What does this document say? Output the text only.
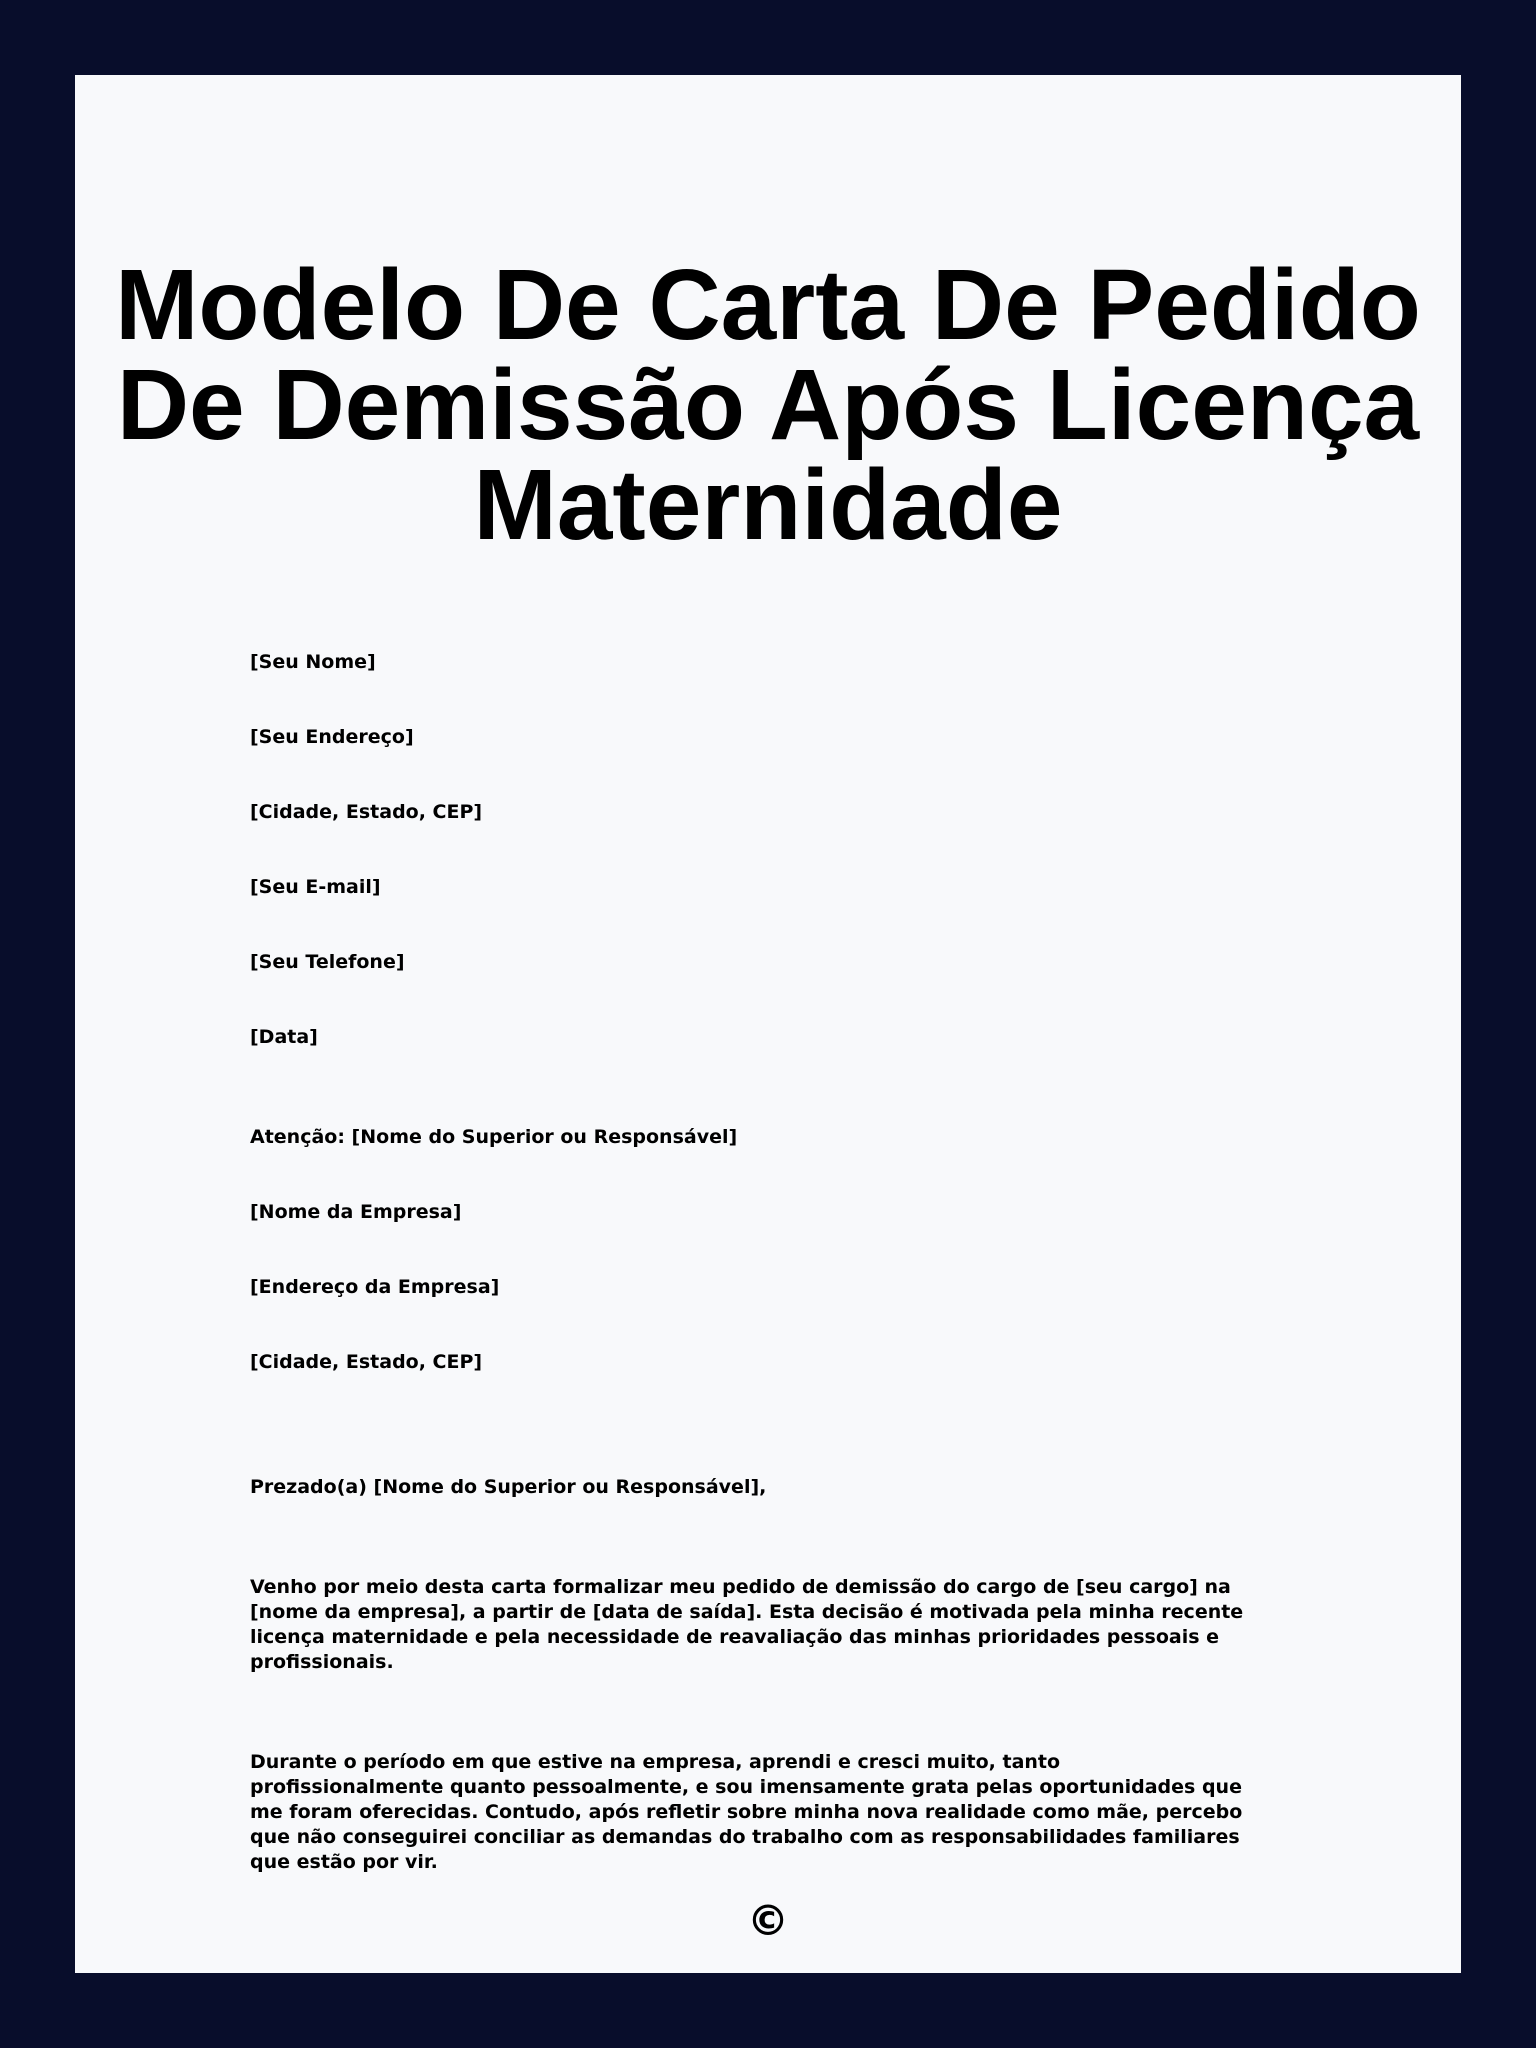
Modelo De Carta De Pedido De Demissão Após Licença Maternidade

[Seu Nome]

[Seu Endereço]

[Cidade, Estado, CEP]

[Seu E-mail]

[Seu Telefone]

[Data]

Atenção: [Nome do Superior ou Responsável]

[Nome da Empresa]

[Endereço da Empresa]

[Cidade, Estado, CEP]

Prezado(a) [Nome do Superior ou Responsável],

Venho por meio desta carta formalizar meu pedido de demissão do cargo de [seu cargo] na [nome da empresa], a partir de [data de saída]. Esta decisão é motivada pela minha recente licença maternidade e pela necessidade de reavaliação das minhas prioridades pessoais e profissionais.

Durante o período em que estive na empresa, aprendi e cresci muito, tanto profissionalmente quanto pessoalmente, e sou imensamente grata pelas oportunidades que me foram oferecidas. Contudo, após refletir sobre minha nova realidade como mãe, percebo que não conseguirei conciliar as demandas do trabalho com as responsabilidades familiares que estão por vir.

©
